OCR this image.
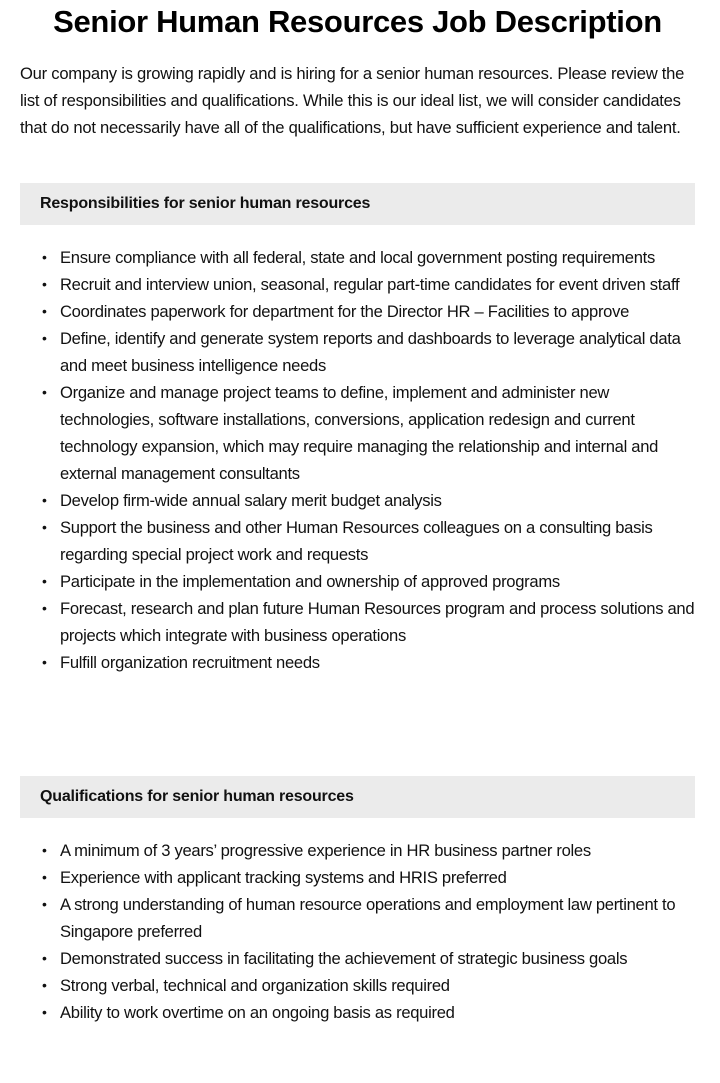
Senior Human Resources Job Description

Our company is growing rapidly and is hiring for a senior human resources. Please review the list of responsibilities and qualifications. While this is our ideal list, we will consider candidates that do not necessarily have all of the qualifications, but have sufficient experience and talent.

Responsibilities for senior human resources
• Ensure compliance with all federal, state and local government posting requirements
• Recruit and interview union, seasonal, regular part-time candidates for event driven staff
• Coordinates paperwork for department for the Director HR – Facilities to approve
• Define, identify and generate system reports and dashboards to leverage analytical data and meet business intelligence needs
• Organize and manage project teams to define, implement and administer new technologies, software installations, conversions, application redesign and current technology expansion, which may require managing the relationship and internal and external management consultants
• Develop firm-wide annual salary merit budget analysis
• Support the business and other Human Resources colleagues on a consulting basis regarding special project work and requests
• Participate in the implementation and ownership of approved programs
• Forecast, research and plan future Human Resources program and process solutions and projects which integrate with business operations
• Fulfill organization recruitment needs
Qualifications for senior human resources
• A minimum of 3 years’ progressive experience in HR business partner roles
• Experience with applicant tracking systems and HRIS preferred
• A strong understanding of human resource operations and employment law pertinent to Singapore preferred
• Demonstrated success in facilitating the achievement of strategic business goals
• Strong verbal, technical and organization skills required
• Ability to work overtime on an ongoing basis as required
